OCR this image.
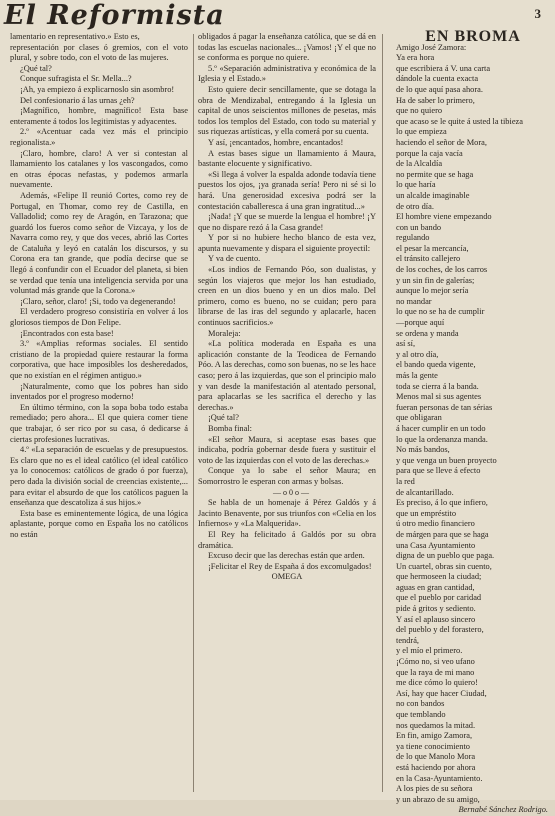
El Reformista	3

lamentario en representativo.» Esto es,

representación por clases ó gremios, con el voto plural, y sobre todo, con el voto de las mujeres.

¿Qué tal?

Conque sufragista el Sr. Mella...?

¡Ah, ya empiezo á explicarnoslo sin asombro!

Del confesionario á las urnas ¿eh?

¡Magnífico, hombre, magnífico! Esta base enteramente á todos los legitimistas y adyacentes.

2.º «Acentuar cada vez más el principio regionalista.»

¡Claro, hombre, claro! A ver si contestan al llamamiento los catalanes y los vascongados, como en otras épocas nefastas, y podemos armarla nuevamente.

Además, «Felipe II reunió Cortes, como rey de Portugal, en Thomar, como rey de Castilla, en Valladolid; como rey de Aragón, en Tarazona; que guardó los fueros como señor de Vizcaya, y los de Navarra como rey, y que dos veces, abrió las Cortes de Cataluña y leyó en catalán los discursos, y su Corona era tan grande, que podía decirse que se llegó á confundir con el Ecuador del planeta, si bien se verdad que tenía una inteligencia servida por una voluntad más grande que la Corona.»

¡Claro, señor, claro! ¡Si, todo va degenerando!

El verdadero progreso consistiría en volver á los gloriosos tiempos de Don Felipe.

¡Encontrados con esta base!

3.º «Amplias reformas sociales. El sentido cristiano de la propiedad quiere restaurar la forma corporativa, que hace imposibles los desheredados, que no existían en el régimen antiguo.»

¡Naturalmente, como que los pobres han sido inventados por el progreso moderno!

En último término, con la sopa boba todo estaba remediado; pero ahora... El que quiera comer tiene que trabajar, ó ser rico por su casa, ó dedicarse á ciertas profesiones lucrativas.

4.º «La separación de escuelas y de presupuestos. Es claro que no es el ideal católico (el ideal católico ya lo conocemos: católicos de grado ó por fuerza), pero dada la división social de creencias existente,... para evitar el absurdo de que los católicos paguen la enseñanza que descatoliza á sus hijos.»

Esta base es eminentemente lógica, de una lógica aplastante, porque como en España los no católicos no están

obligados á pagar la enseñanza católica, que se dá en todas las escuelas nacionales... ¡Vamos! ¡Y el que no se conforma es porque no quiere.

5.º «Separación administrativa y económica de la Iglesia y el Estado.»

Esto quiere decir sencillamente, que se dotaga la obra de Mendizabal, entregando á la Iglesia un capital de unos seiscientos millones de pesetas, más todos los templos del Estado, con todo su material y sus riquezas artísticas, y ella comerá por su cuenta.

Y así, ¡encantados, hombre, encantados!

A estas bases sigue un llamamiento á Maura, bastante elocuente y significativo.

«Si llega á volver la espalda adonde todavía tiene puestos los ojos, ¡ya granada sería! Pero ni sé si lo hará. Una generosidad excesiva podrá ser la contestación caballeresca á una gran ingratitud...»

¡Nada! ¡Y que se muerde la lengua el hombre! ¡Y que no dispare rezó á la Casa grande!

Y por si no hubiere hecho blanco de esta vez, apunta nuevamente y dispara el siguiente proyectil:

Y va de cuento.

«Los indios de Fernando Póo, son dualistas, y según los viajeros que mejor los han estudiado, creen en un dios bueno y en un dios malo. Del primero, como es bueno, no se cuidan; pero para librarse de las iras del segundo y aplacarle, hacen continuos sacrificios.»

Moraleja:

«La política moderada en España es una aplicación constante de la Teodicea de Fernando Póo. A las derechas, como son buenas, no se les hace caso; pero á las izquierdas, que son el principio malo y van desde la manifestación al atentado personal, para aplacarlas se les sacrifica el derecho y las derechas.»

¡Qué tal?

Bomba final:

«El señor Maura, si aceptase esas bases que indicaba, podría gobernar desde fuera y sustituir el voto de las izquierdas con el voto de las derechas.»

Conque ya lo sabe el señor Maura; en Somorrostro le esperan con armas y bolsas.

—o0o—

Se habla de un homenaje á Pérez Galdós y á Jacinto Benavente, por sus triunfos con «Celia en los Infiernos» y «La Malquerida».

El Rey ha felicitado á Galdós por su obra dramática.

Excuso decir que las derechas están que arden.

¡Felicitar el Rey de España á dos excomulgados!

OMEGA

EN BROMA

Amigo José Zamora:
Ya era hora
que escribiera á V. una carta
dándole la cuenta exacta
de lo que aquí pasa ahora.
Ha de saber lo primero,
que no quiero
que acaso se le quite á usted la tibieza
lo que empieza
haciendo el señor de Mora,
porque la caja vacía
de la Alcaldía
no permite que se haga
lo que haría
un alcalde imaginable
de otro día.
El hombre viene empezando
con un bando
regulando
el pesar la mercancía,
el tránsito callejero
de los coches, de los carros
y un sin fin de galerías;
aunque lo mejor sería
no mandar
lo que no se ha de cumplir
—porque aquí
se ordena y manda
así sí,
y al otro día,
el bando queda vigente,
más la gente
toda se cierra á la banda.
Menos mal si sus agentes
fueran personas de tan sérias
que obligaran
á hacer cumplir en un todo
lo que la ordenanza manda.
No más bandos,
y que venga un buen proyecto
para que se lleve á efecto
la red
de alcantarillado.
Es preciso, á lo que infiero,
que un empréstito
ú otro medio financiero
de márgen para que se haga
una Casa Ayuntamiento
digna de un pueblo que paga.
Un cuartel, obras sin cuento,
que hermoseen la ciudad;
aguas en gran cantidad,
que el pueblo por caridad
pide á gritos y sediento.
Y así el aplauso sincero
del pueblo y del forastero,
tendrá,
y el mío el primero.
¡Cómo no, si veo ufano
que la raya de mi mano
me dice cómo lo quiero!
Así, hay que hacer Ciudad,
no con bandos
que temblando
nos quedamos la mitad.
En fin, amigo Zamora,
ya tiene conocimiento
de lo que Manolo Mora
está haciendo por ahora
en la Casa-Ayuntamiento.
A los pies de su señora
y un abrazo de su amigo,

Bernabé Sánchez Rodrigo.
